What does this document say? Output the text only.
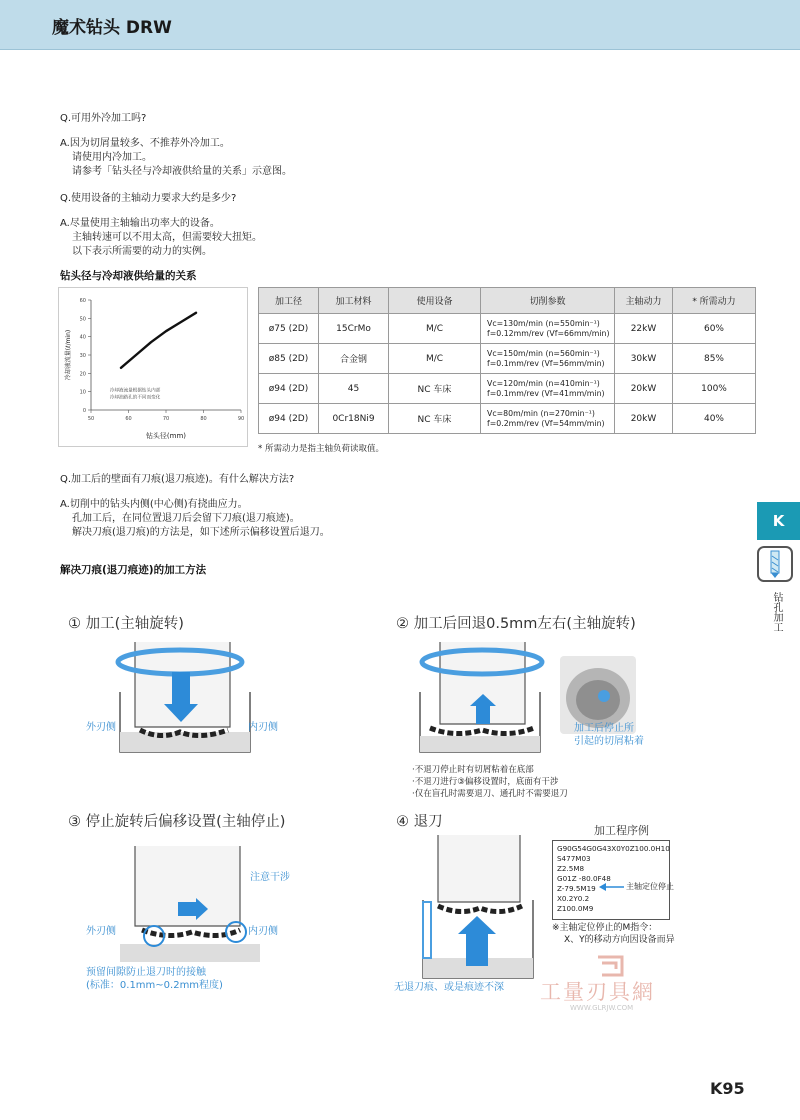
魔术钻头 DRW
Q.可用外冷加工吗?
A.因为切屑量较多、不推荐外冷加工。
请使用内冷加工。
请参考「钻头径与冷却液供给量的关系」示意图。
Q.使用设备的主轴动力要求大约是多少?
A.尽量使用主轴输出功率大的设备。
主轴转速可以不用太高，但需要较大扭矩。
以下表示所需要的动力的实例。
钻头径与冷却液供给量的关系
0
10
20
30
40
50
60
50	60	70	80	90
钻头径(mm)
冷却液流量(ℓ/min)
冷却液流量根据钻头内部
冷却油路孔的不同而变化
加工径	加工材料	使用设备	切削参数	主轴动力	* 所需动力
ø75 (2D)	15CrMo	M/C	Vc=130m/min (n=550min⁻¹)
f=0.12mm/rev (Vf=66mm/min)	22kW	60%
ø85 (2D)	合金钢	M/C	Vc=150m/min (n=560min⁻¹)
f=0.1mm/rev (Vf=56mm/min)	30kW	85%
ø94 (2D)	45	NC 车床	Vc=120m/min (n=410min⁻¹)
f=0.1mm/rev (Vf=41mm/min)	20kW	100%
ø94 (2D)	0Cr18Ni9	NC 车床	Vc=80m/min (n=270min⁻¹)
f=0.2mm/rev (Vf=54mm/min)	20kW	40%
* 所需动力是指主轴负荷读取值。
Q.加工后的壁面有刀痕(退刀痕迹)。有什么解决方法?
A.切削中的钻头内侧(中心侧)有挠曲应力。
孔加工后，在同位置退刀后会留下刀痕(退刀痕迹)。
解决刀痕(退刀痕)的方法是，如下述所示偏移设置后退刀。
解决刀痕(退刀痕迹)的加工方法
K
钻孔加工
① 加工(主轴旋转)
外刃侧	内刃侧
② 加工后回退0.5mm左右(主轴旋转)
加工后停止所
引起的切屑粘着
·不退刀停止时有切屑粘着在底部
·不退刀进行③偏移设置时，底面有干涉
·仅在盲孔时需要退刀、通孔时不需要退刀
③ 停止旋转后偏移设置(主轴停止)
注意干涉
外刃侧	内刃侧
预留间隙防止退刀时的接触
(标准：0.1mm~0.2mm程度)
④ 退刀
无退刀痕、或是痕迹不深
加工程序例
G90G54G0G43X0Y0Z100.0H10
S477M03
Z2.5M8
G01Z -80.0F48
Z-79.5M19
X0.2Y0.2
Z100.0M9
主轴定位停止
※主轴定位停止的M指令：
X、Y的移动方向因设备而异
工量刃具網
WWW.GLRJW.COM
K95
